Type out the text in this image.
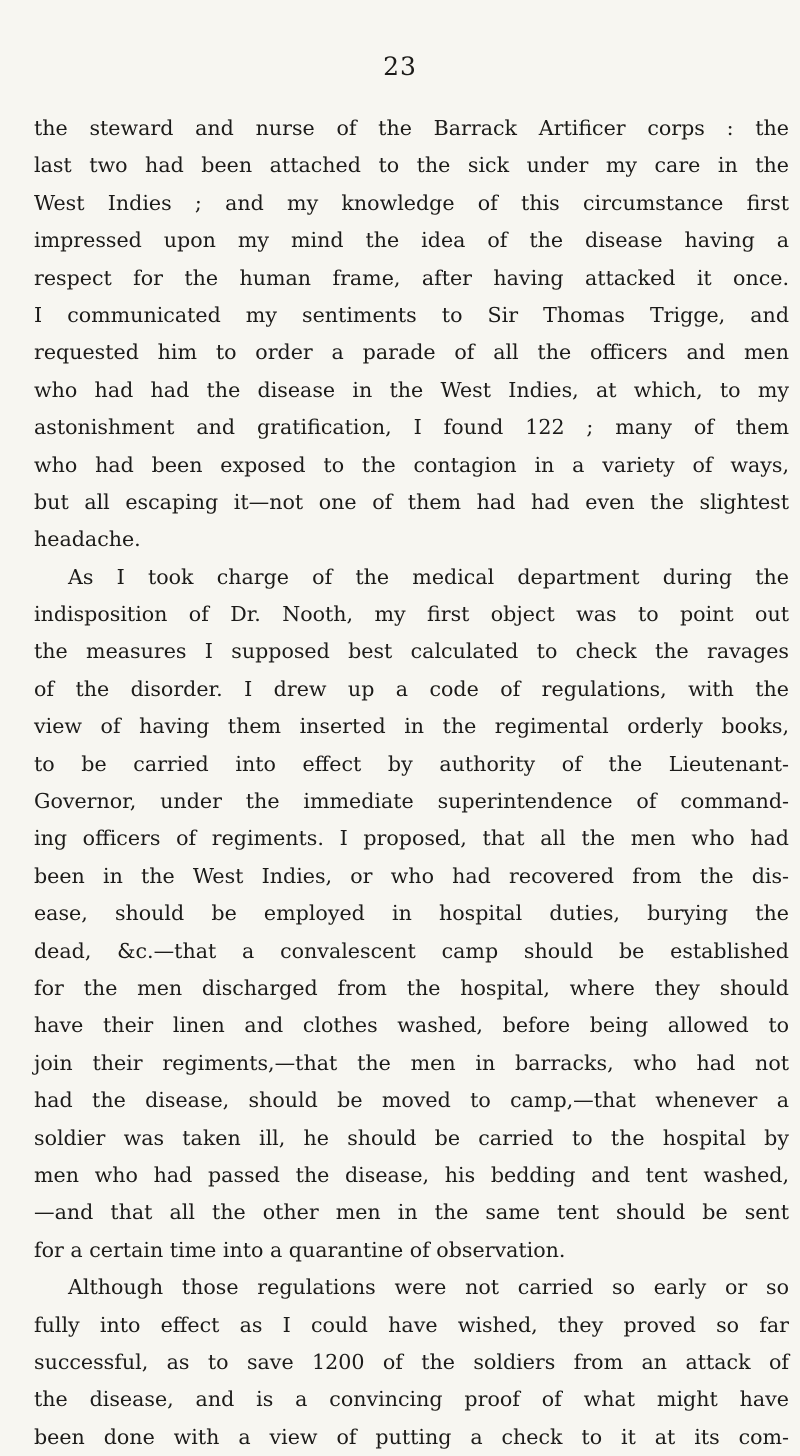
23
the steward and nurse of the Barrack Artificer corps : the
last two had been attached to the sick under my care in the
West Indies ; and my knowledge of this circumstance first
impressed upon my mind the idea of the disease having a
respect for the human frame, after having attacked it once.
I communicated my sentiments to Sir Thomas Trigge, and
requested him to order a parade of all the officers and men
who had had the disease in the West Indies, at which, to my
astonishment and gratification, I found 122 ; many of them
who had been exposed to the contagion in a variety of ways,
but all escaping it—not one of them had had even the slightest
headache.
As I took charge of the medical department during the
indisposition of Dr. Nooth, my first object was to point out
the measures I supposed best calculated to check the ravages
of the disorder. I drew up a code of regulations, with the
view of having them inserted in the regimental orderly books,
to be carried into effect by authority of the Lieutenant-
Governor, under the immediate superintendence of command-
ing officers of regiments. I proposed, that all the men who had
been in the West Indies, or who had recovered from the dis-
ease, should be employed in hospital duties, burying the
dead, &c.—that a convalescent camp should be established
for the men discharged from the hospital, where they should
have their linen and clothes washed, before being allowed to
join their regiments,—that the men in barracks, who had not
had the disease, should be moved to camp,—that whenever a
soldier was taken ill, he should be carried to the hospital by
men who had passed the disease, his bedding and tent washed,
—and that all the other men in the same tent should be sent
for a certain time into a quarantine of observation.
Although those regulations were not carried so early or so
fully into effect as I could have wished, they proved so far
successful, as to save 1200 of the soldiers from an attack of
the disease, and is a convincing proof of what might have
been done with a view of putting a check to it at its com-
